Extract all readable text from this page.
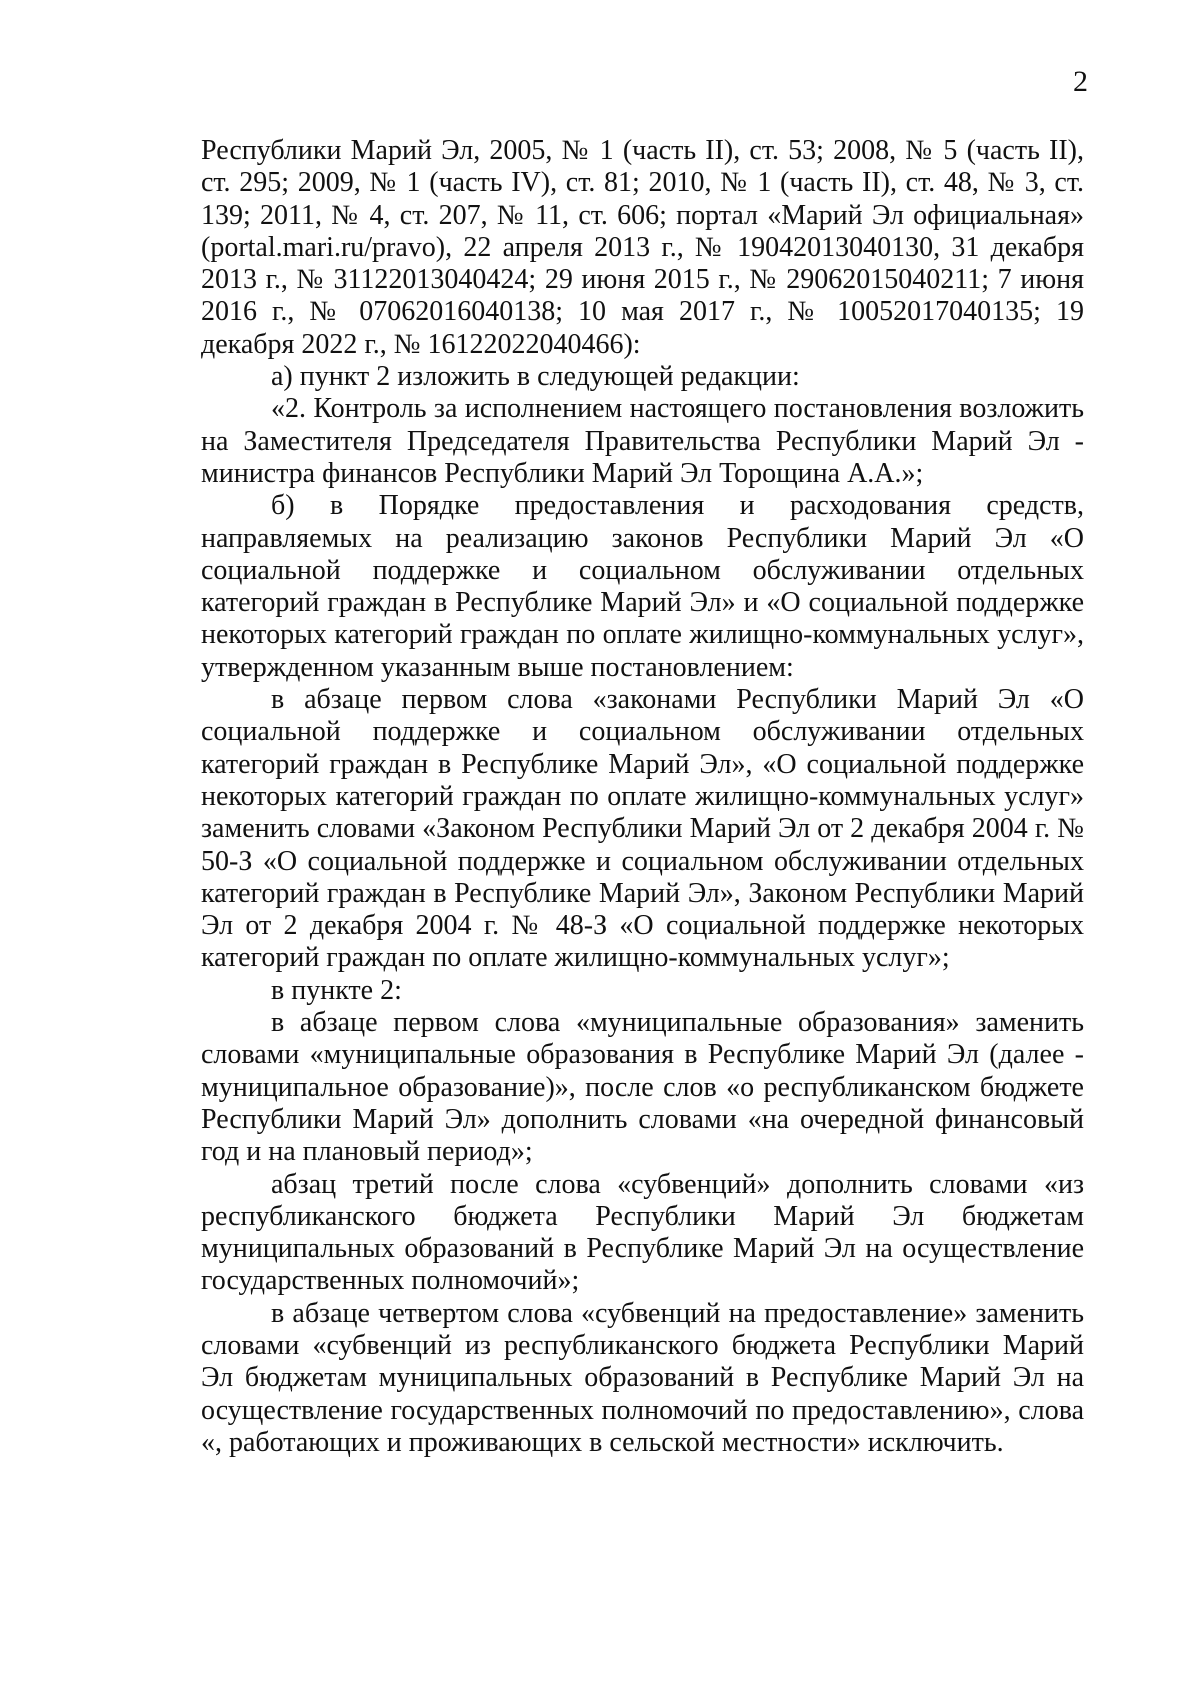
2

Республики Марий Эл, 2005, № 1 (часть II), ст. 53; 2008, № 5 (часть II), ст. 295; 2009, № 1 (часть IV), ст. 81; 2010, № 1 (часть II), ст. 48, № 3, ст. 139; 2011, № 4, ст. 207, № 11, ст. 606; портал «Марий Эл официальная» (portal.mari.ru/pravo), 22 апреля 2013 г., № 19042013040130, 31 декабря 2013 г., № 31122013040424; 29 июня 2015 г., № 29062015040211; 7 июня 2016 г., № 07062016040138; 10 мая 2017 г., № 10052017040135; 19 декабря 2022 г., № 16122022040466):

а) пункт 2 изложить в следующей редакции:

«2. Контроль за исполнением настоящего постановления возложить на Заместителя Председателя Правительства Республики Марий Эл - министра финансов Республики Марий Эл Торощина А.А.»;

б) в Порядке предоставления и расходования средств, направляемых на реализацию законов Республики Марий Эл «О социальной поддержке и социальном обслуживании отдельных категорий граждан в Республике Марий Эл» и «О социальной поддержке некоторых категорий граждан по оплате жилищно-коммунальных услуг», утвержденном указанным выше постановлением:

в абзаце первом слова «законами Республики Марий Эл «О социальной поддержке и социальном обслуживании отдельных категорий граждан в Республике Марий Эл», «О социальной поддержке некоторых категорий граждан по оплате жилищно-коммунальных услуг» заменить словами «Законом Республики Марий Эл от 2 декабря 2004 г. № 50-З «О социальной поддержке и социальном обслуживании отдельных категорий граждан в Республике Марий Эл», Законом Республики Марий Эл от 2 декабря 2004 г. № 48-З «О социальной поддержке некоторых категорий граждан по оплате жилищно-коммунальных услуг»;

в пункте 2:

в абзаце первом слова «муниципальные образования» заменить словами «муниципальные образования в Республике Марий Эл (далее - муниципальное образование)», после слов «о республиканском бюджете Республики Марий Эл» дополнить словами «на очередной финансовый год и на плановый период»;

абзац третий после слова «субвенций» дополнить словами «из республиканского бюджета Республики Марий Эл бюджетам муниципальных образований в Республике Марий Эл на осуществление государственных полномочий»;

в абзаце четвертом слова «субвенций на предоставление» заменить словами «субвенций из республиканского бюджета Республики Марий Эл бюджетам муниципальных образований в Республике Марий Эл на осуществление государственных полномочий по предоставлению», слова «, работающих и проживающих в сельской местности» исключить.
